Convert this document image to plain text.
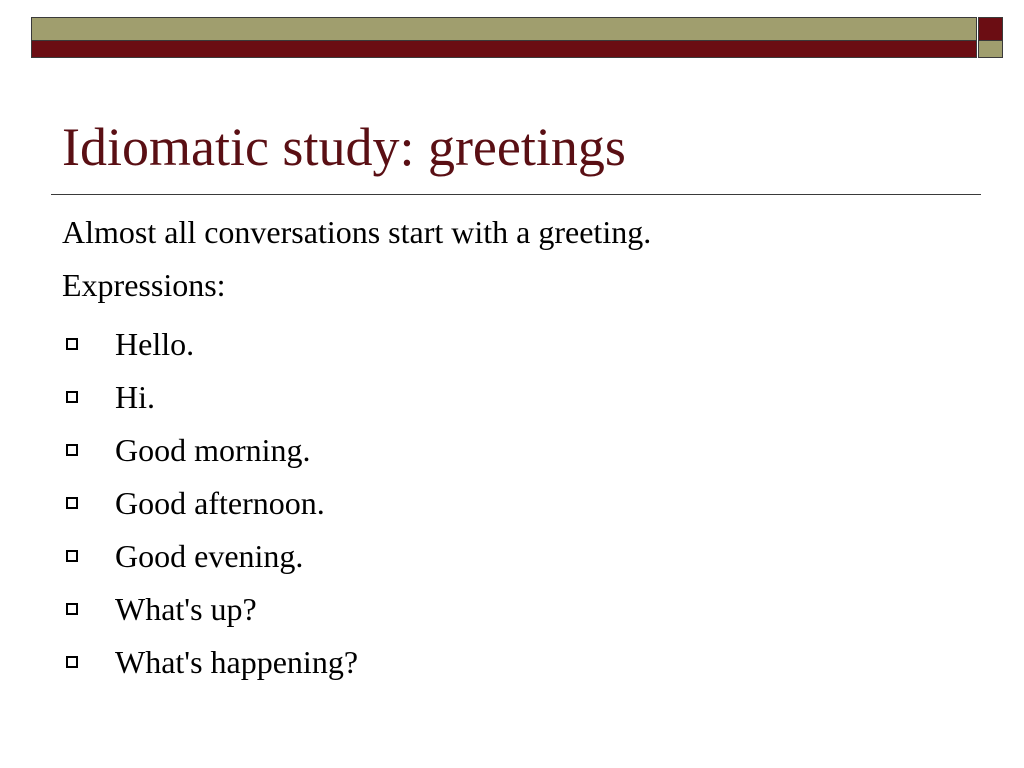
Idiomatic study: greetings
Almost all conversations start with a greeting.
Expressions:
Hello.
Hi.
Good morning.
Good afternoon.
Good evening.
What's up?
What's happening?
